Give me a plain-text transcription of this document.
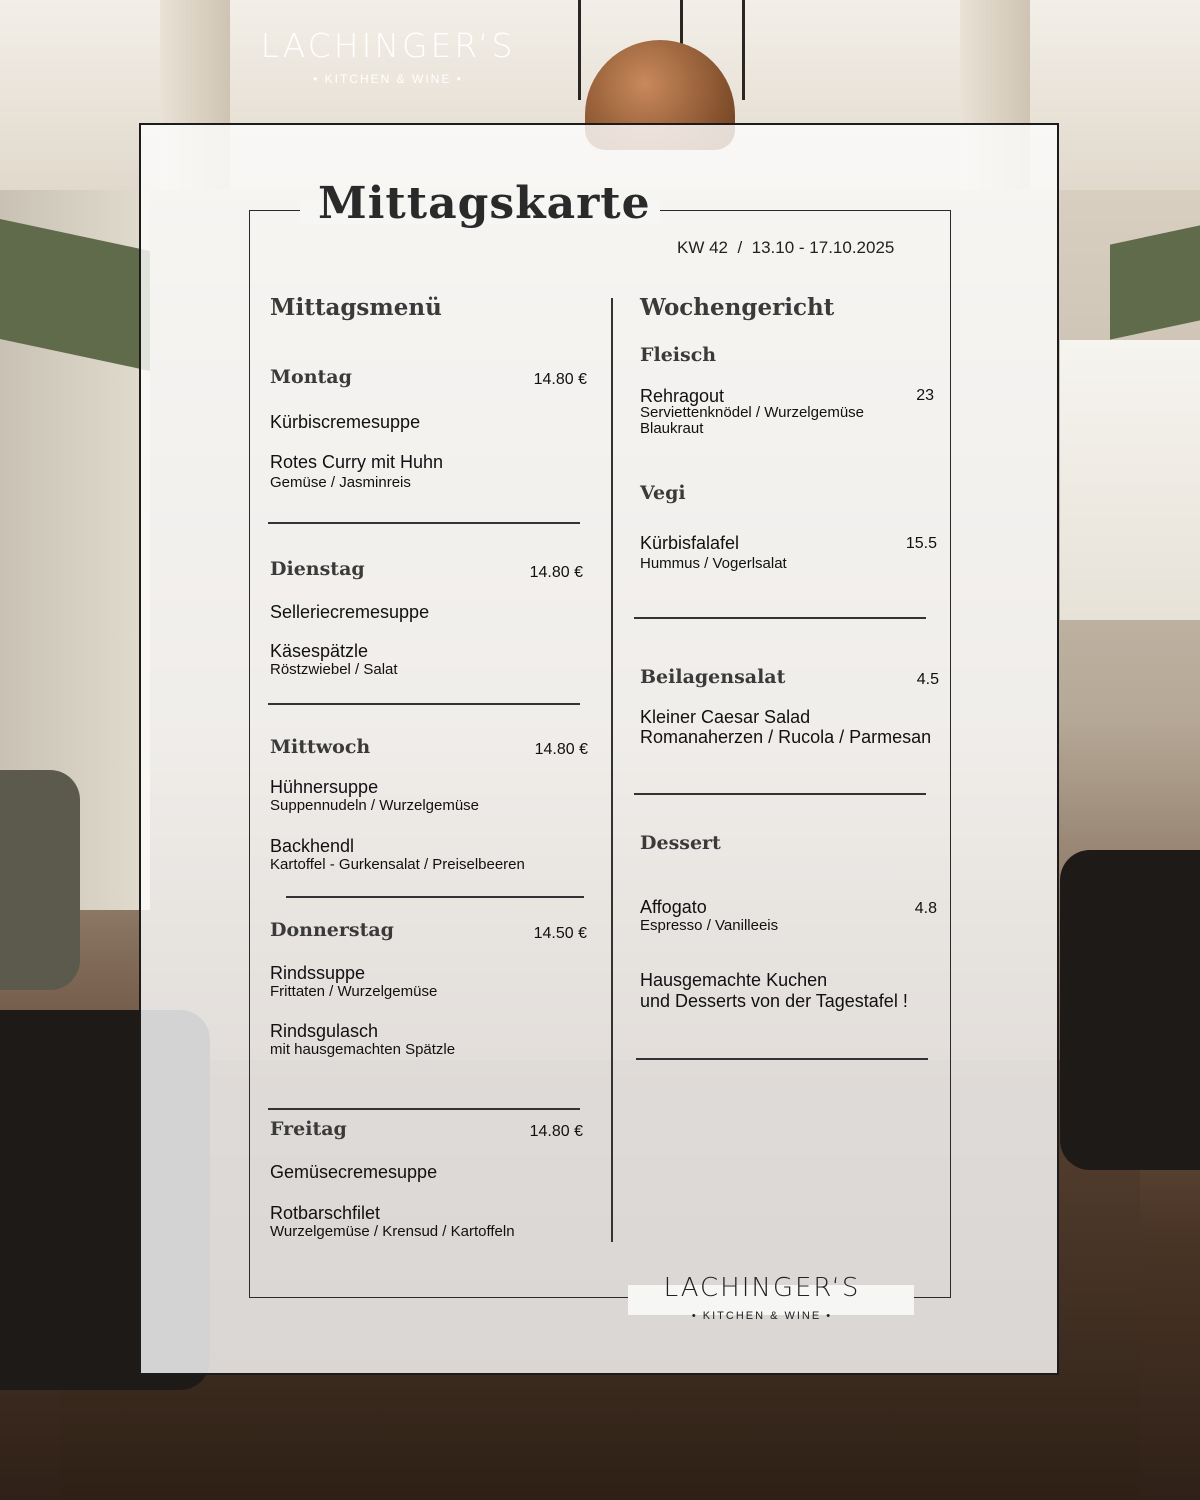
LACHINGER‘S
• KITCHEN & WINE •
Mittagskarte
KW 42  /  13.10 - 17.10.2025
Mittagsmenü
Montag	14.80 €
Kürbiscremesuppe
Rotes Curry mit Huhn
Gemüse / Jasminreis
Dienstag	14.80 €
Selleriecremesuppe
Käsespätzle
Röstzwiebel / Salat
Mittwoch	14.80 €
Hühnersuppe
Suppennudeln / Wurzelgemüse
Backhendl
Kartoffel - Gurkensalat / Preiselbeeren
Donnerstag	14.50 €
Rindssuppe
Frittaten / Wurzelgemüse
Rindsgulasch
mit hausgemachten Spätzle
Freitag	14.80 €
Gemüsecremesuppe
Rotbarschfilet
Wurzelgemüse / Krensud / Kartoffeln
Wochengericht
Fleisch
Rehragout	23
Serviettenknödel / Wurzelgemüse
Blaukraut
Vegi
Kürbisfalafel	15.5
Hummus / Vogerlsalat
Beilagensalat	4.5
Kleiner Caesar Salad
Romanaherzen / Rucola / Parmesan
Dessert
Affogato	4.8
Espresso / Vanilleeis
Hausgemachte Kuchen
und Desserts von der Tagestafel !
LACHINGER‘S
• KITCHEN & WINE •
